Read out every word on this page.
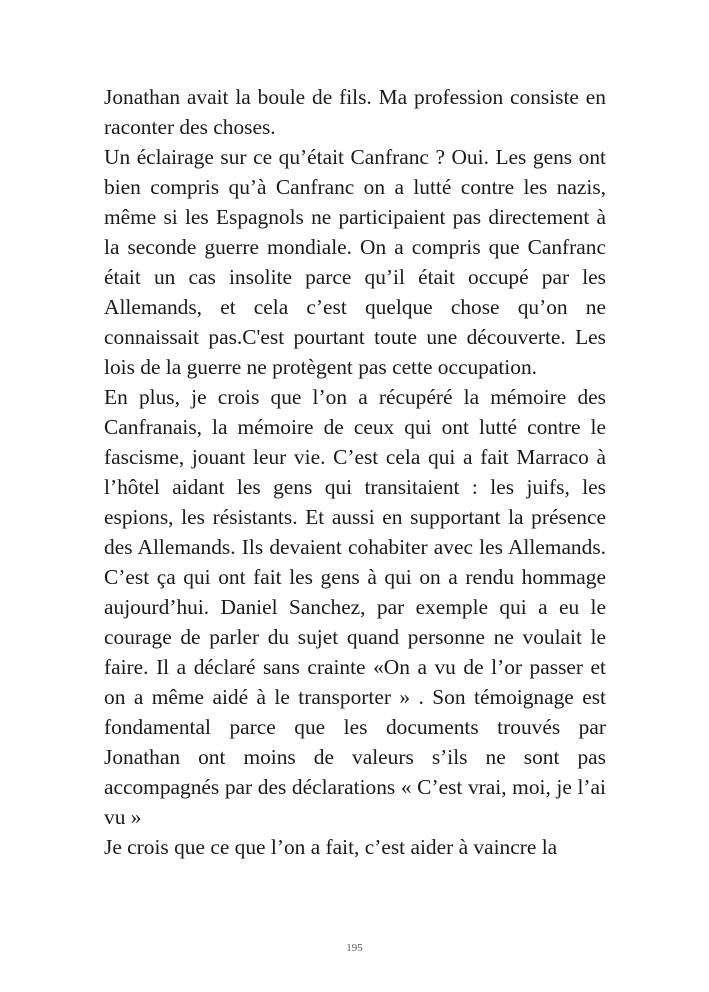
Jonathan avait la boule de fils. Ma profession consiste en raconter des choses.

Un éclairage sur ce qu’était Canfranc ? Oui. Les gens ont bien compris qu’à Canfranc on a lutté contre les nazis, même si les Espagnols ne participaient pas directement à la seconde guerre mondiale. On a compris que Canfranc était un cas insolite parce qu’il était occupé par les Allemands, et cela c’est quelque chose qu’on ne connaissait pas.C'est pourtant toute une découverte. Les lois de la guerre ne protègent pas cette occupation.

En plus, je crois que l’on a récupéré la mémoire des Canfranais, la mémoire de ceux qui ont lutté contre le fascisme, jouant leur vie. C’est cela qui a fait Marraco à l’hôtel aidant les gens qui transitaient : les juifs, les espions, les résistants. Et aussi en supportant la présence des Allemands. Ils devaient cohabiter avec les Allemands. C’est ça qui ont fait les gens à qui on a rendu hommage aujourd’hui. Daniel Sanchez, par exemple qui a eu le courage de parler du sujet quand personne ne voulait le faire. Il a déclaré sans crainte «On a vu de l’or passer et on a même aidé à le transporter » . Son témoignage est fondamental parce que les documents trouvés par Jonathan ont moins de valeurs s’ils ne sont pas accompagnés par des déclarations « C’est vrai, moi, je l’ai vu »

Je crois que ce que l’on a fait, c’est aider à vaincre la

195
